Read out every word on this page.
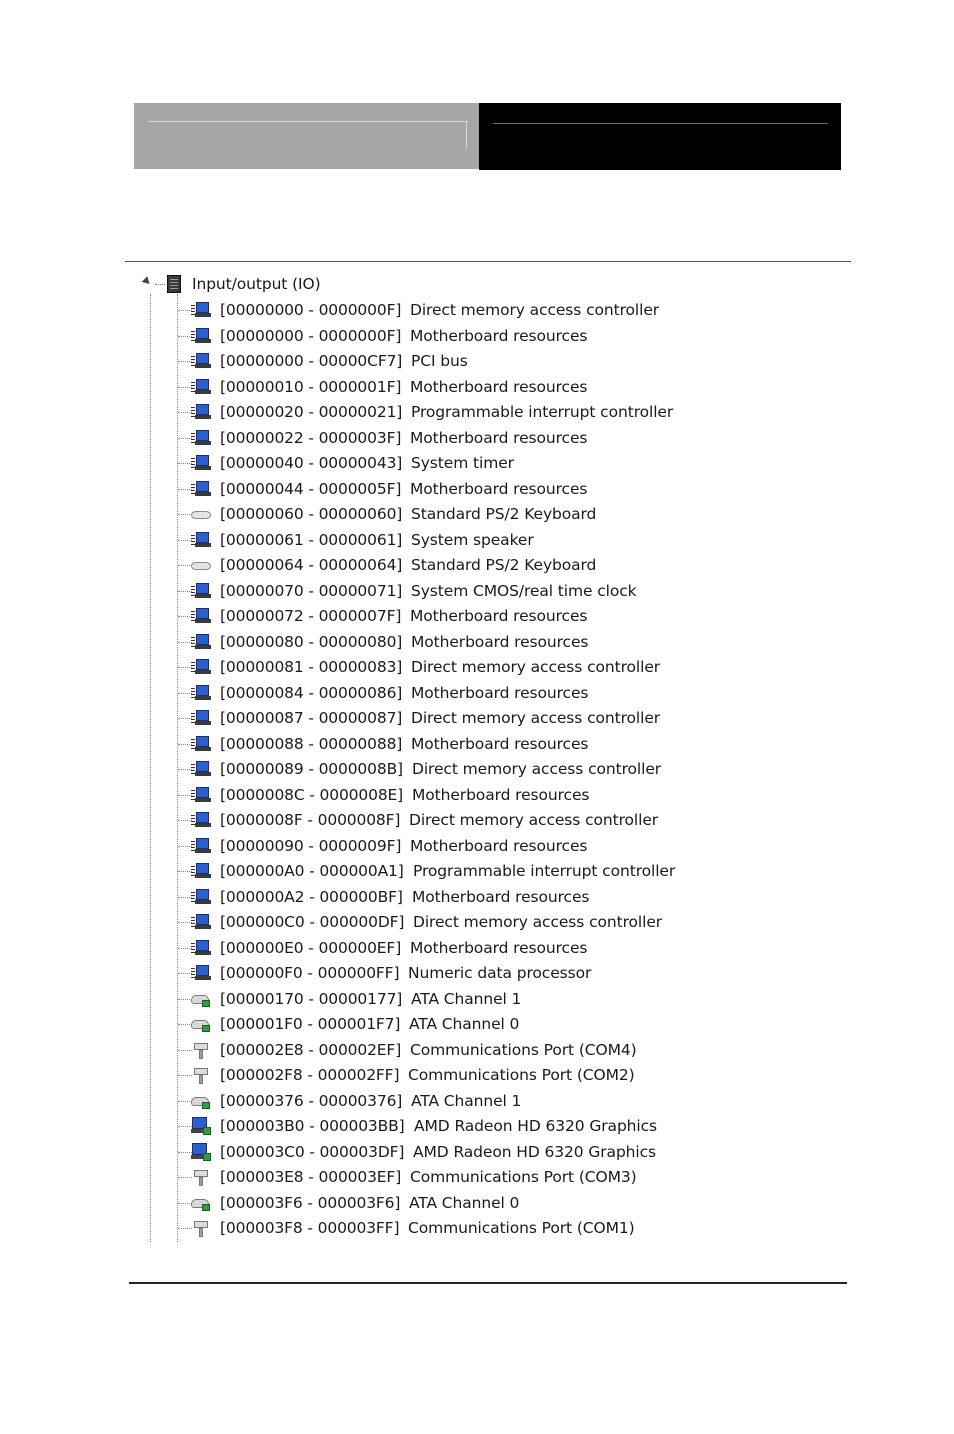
Input/output (IO)
[00000000 - 0000000F] Direct memory access controller
[00000000 - 0000000F] Motherboard resources
[00000000 - 00000CF7] PCI bus
[00000010 - 0000001F] Motherboard resources
[00000020 - 00000021] Programmable interrupt controller
[00000022 - 0000003F] Motherboard resources
[00000040 - 00000043] System timer
[00000044 - 0000005F] Motherboard resources
[00000060 - 00000060] Standard PS/2 Keyboard
[00000061 - 00000061] System speaker
[00000064 - 00000064] Standard PS/2 Keyboard
[00000070 - 00000071] System CMOS/real time clock
[00000072 - 0000007F] Motherboard resources
[00000080 - 00000080] Motherboard resources
[00000081 - 00000083] Direct memory access controller
[00000084 - 00000086] Motherboard resources
[00000087 - 00000087] Direct memory access controller
[00000088 - 00000088] Motherboard resources
[00000089 - 0000008B] Direct memory access controller
[0000008C - 0000008E] Motherboard resources
[0000008F - 0000008F] Direct memory access controller
[00000090 - 0000009F] Motherboard resources
[000000A0 - 000000A1] Programmable interrupt controller
[000000A2 - 000000BF] Motherboard resources
[000000C0 - 000000DF] Direct memory access controller
[000000E0 - 000000EF] Motherboard resources
[000000F0 - 000000FF] Numeric data processor
[00000170 - 00000177] ATA Channel 1
[000001F0 - 000001F7] ATA Channel 0
[000002E8 - 000002EF] Communications Port (COM4)
[000002F8 - 000002FF] Communications Port (COM2)
[00000376 - 00000376] ATA Channel 1
[000003B0 - 000003BB] AMD Radeon HD 6320 Graphics
[000003C0 - 000003DF] AMD Radeon HD 6320 Graphics
[000003E8 - 000003EF] Communications Port (COM3)
[000003F6 - 000003F6] ATA Channel 0
[000003F8 - 000003FF] Communications Port (COM1)
